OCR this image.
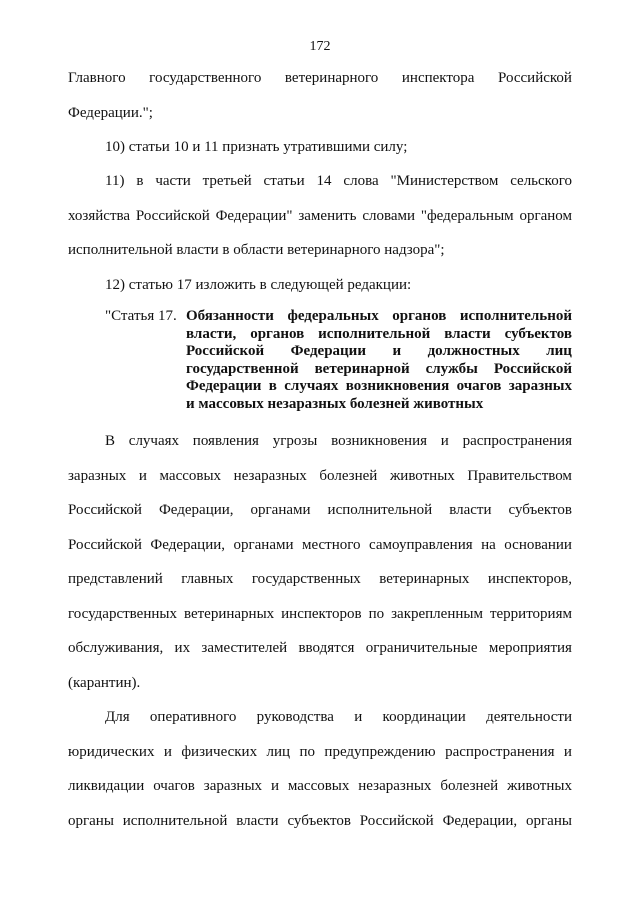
172
Главного государственного ветеринарного инспектора Российской
Федерации.";
10) статьи 10 и 11 признать утратившими силу;
11) в части третьей статьи 14 слова "Министерством сельского
хозяйства Российской Федерации" заменить словами "федеральным органом
исполнительной власти в области ветеринарного надзора";
12) статью 17 изложить в следующей редакции:
"Статья 17. Обязанности федеральных органов исполнительной
власти, органов исполнительной власти субъектов
Российской Федерации и должностных лиц
государственной ветеринарной службы Российской
Федерации в случаях возникновения очагов заразных
и массовых незаразных болезней животных
В случаях появления угрозы возникновения и распространения
заразных и массовых незаразных болезней животных Правительством
Российской Федерации, органами исполнительной власти субъектов
Российской Федерации, органами местного самоуправления на основании
представлений главных государственных ветеринарных инспекторов,
государственных ветеринарных инспекторов по закрепленным территориям
обслуживания, их заместителей вводятся ограничительные мероприятия
(карантин).
Для оперативного руководства и координации деятельности
юридических и физических лиц по предупреждению распространения и
ликвидации очагов заразных и массовых незаразных болезней животных
органы исполнительной власти субъектов Российской Федерации, органы
